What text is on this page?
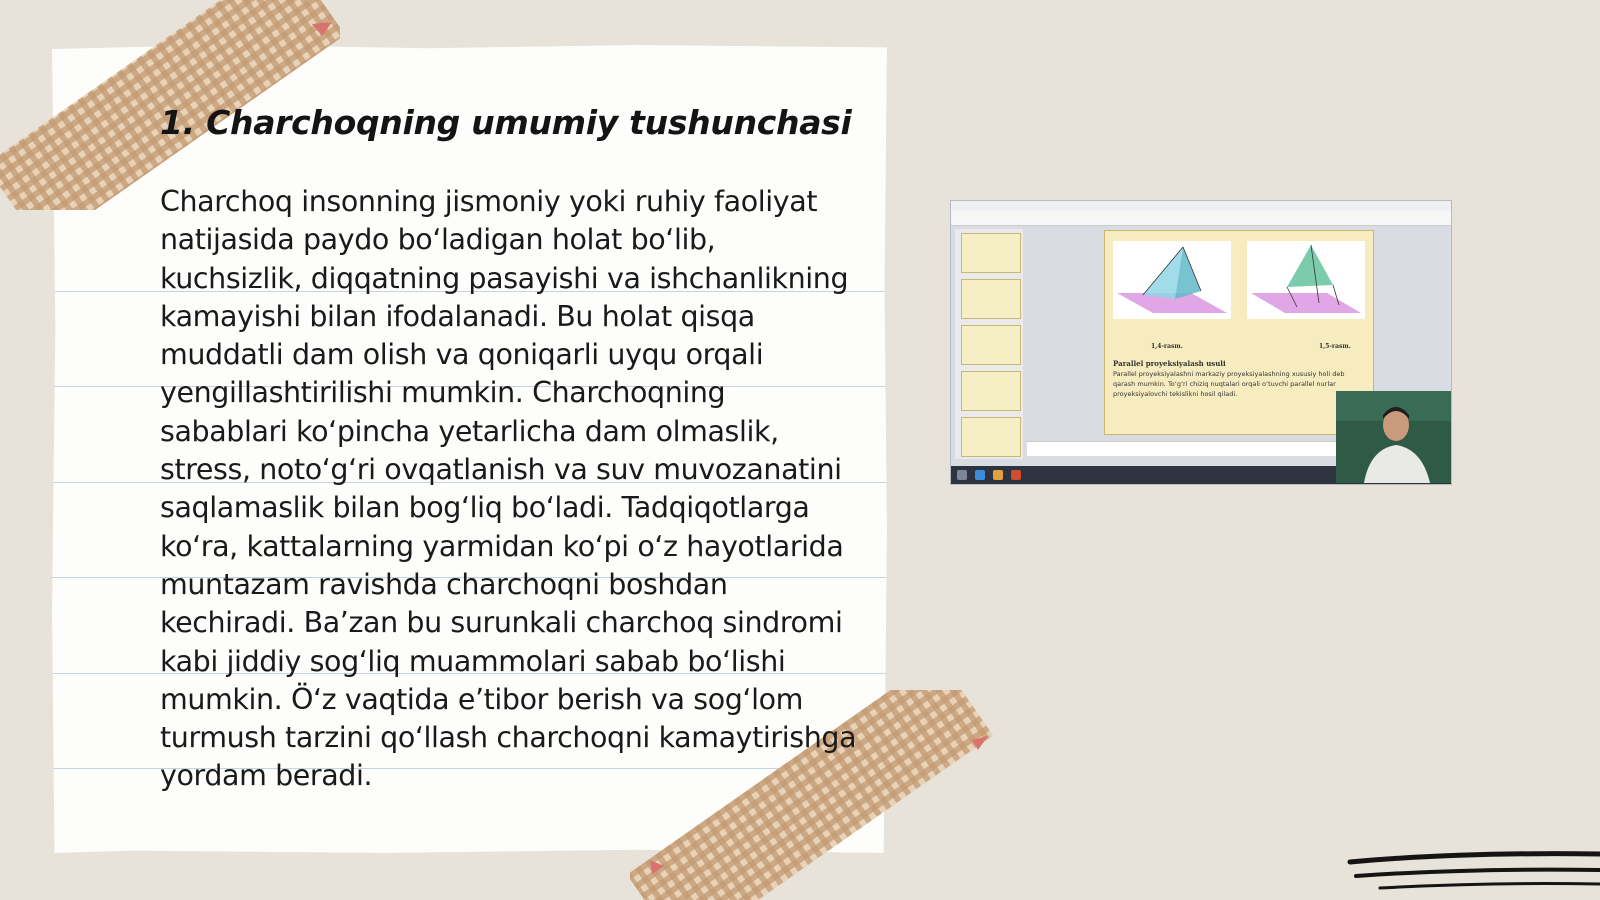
1. Charchoqning umumiy tushunchasi

Charchoq insonning jismoniy yoki ruhiy faoliyat natijasida paydo boʻladigan holat boʻlib, kuchsizlik, diqqatning pasayishi va ishchanlikning kamayishi bilan ifodalanadi. Bu holat qisqa muddatli dam olish va qoniqarli uyqu orqali yengillashtirilishi mumkin. Charchoqning sabablari koʻpincha yetarlicha dam olmaslik, stress, notoʻgʻri ovqatlanish va suv muvozanatini saqlamaslik bilan bogʻliq boʻladi. Tadqiqotlarga koʻra, kattalarning yarmidan koʻpi oʻz hayotlarida muntazam ravishda charchoqni boshdan kechiradi. Baʼzan bu surunkali charchoq sindromi kabi jiddiy sogʻliq muammolari sabab boʻlishi mumkin. Öʻz vaqtida eʼtibor berish va sogʻlom turmush tarzini qoʻllash charchoqni kamaytirishga yordam beradi.

1,4-rasm.	1,5-rasm.
Parallel proyeksiyalash usuli
Parallel proyeksiyalashni markaziy proyeksiyalashning xususiy holi deb qarash mumkin. Toʻgʻri chiziq nuqtalari orqali oʻtuvchi parallel nurlar proyeksiyalovchi tekislikni hosil qiladi.
